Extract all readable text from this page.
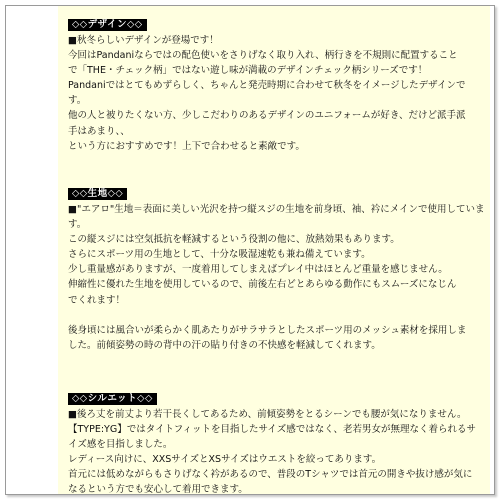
◇◇デザイン◇◇

■秋冬らしいデザインが登場です！

今回はPandaniならではの配色使いをさりげなく取り入れ、柄行きを不規則に配置すること

で「THE・チェック柄」ではない遊し味が満載のデザインチェック柄シリーズです！

Pandaniではとてもめずらしく、ちゃんと発売時期に合わせて秋冬をイメージしたデザインで

す。

他の人と被りたくない方、少しこだわりのあるデザインのユニフォームが好き、だけど派手派

手はあまり、、

という方におすすめです！上下で合わせると素敵です。

◇◇生地◇◇

■"エアロ"生地＝表面に美しい光沢を持つ縦スジの生地を前身頃、袖、衿にメインで使用していま

す。

この縦スジには空気抵抗を軽減するという役割の他に、放熱効果もあります。

さらにスポーツ用の生地として、十分な吸湿速乾も兼ね備えています。

少し重量感がありますが、一度着用してしまえばプレイ中はほとんど重量を感じません。

伸縮性に優れた生地を使用しているので、前後左右どとあらゆる動作にもスムーズになじん

でくれます！

後身頃には風合いが柔らかく肌あたりがサラサラとしたスポーツ用のメッシュ素材を採用しま

した。前傾姿勢の時の背中の汗の貼り付きの不快感を軽減してくれます。

◇◇シルエット◇◇

■後ろ丈を前丈より若干長くしてあるため、前傾姿勢をとるシーンでも腰が気になりません。

【TYPE:YG】ではタイトフィットを目指したサイズ感ではなく、老若男女が無理なく着られるサ

イズ感を目指しました。

レディース向けに、XXSサイズとXSサイズはウエストを絞ってあります。

首元には低めながらもさりげなく衿があるので、普段のTシャツでは首元の開きや抜け感が気に

なるという方でも安心して着用できます。
